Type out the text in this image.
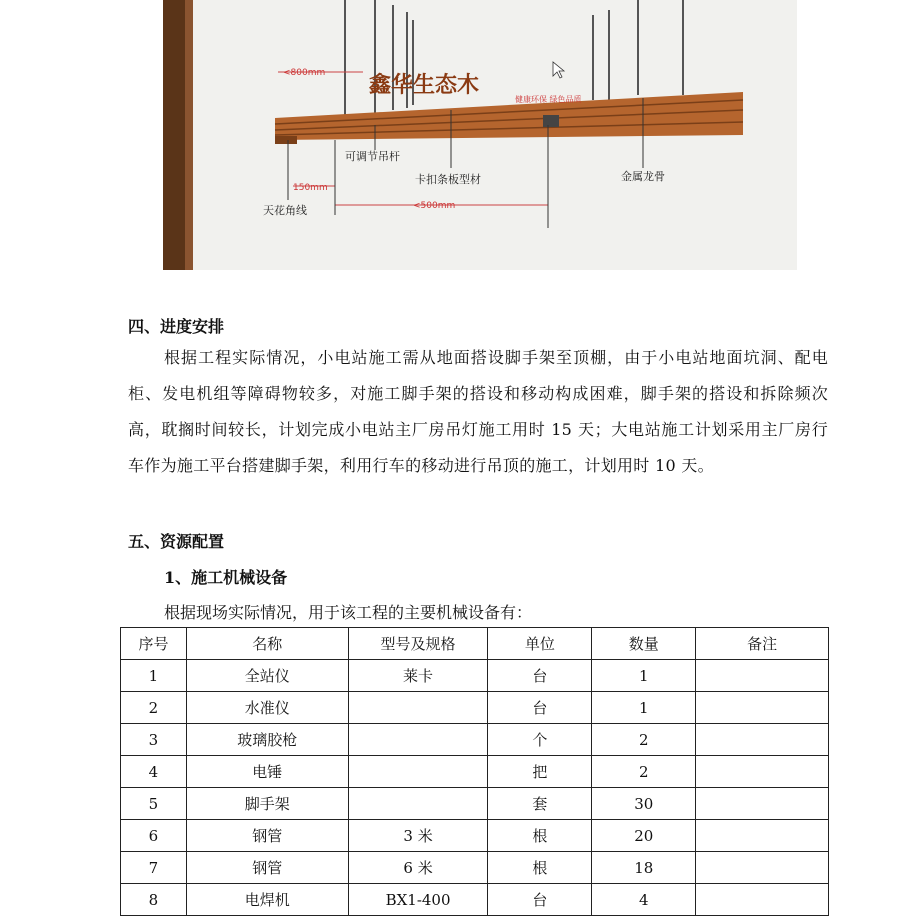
<800mm 鑫华生态木
健康环保 绿色品质
可调节吊杆
卡扣条板型材	金属龙骨
150mm
天花角线	<500mm
四、进度安排
根据工程实际情况，小电站施工需从地面搭设脚手架至顶棚，由于小电站地面坑洞、配电柜、发电机组等障碍物较多，对施工脚手架的搭设和移动构成困难，脚手架的搭设和拆除频次高，耽搁时间较长，计划完成小电站主厂房吊灯施工用时 15 天；大电站施工计划采用主厂房行车作为施工平台搭建脚手架，利用行车的移动进行吊顶的施工，计划用时 10 天。
五、资源配置
1、施工机械设备
根据现场实际情况，用于该工程的主要机械设备有：
序号	名称	型号及规格	单位	数量	备注
1	全站仪	莱卡	台	1	
2	水准仪		台	1	
3	玻璃胶枪		个	2	
4	电锤		把	2	
5	脚手架		套	30	
6	钢管	3 米	根	20	
7	钢管	6 米	根	18	
8	电焊机	BX1-400	台	4	
